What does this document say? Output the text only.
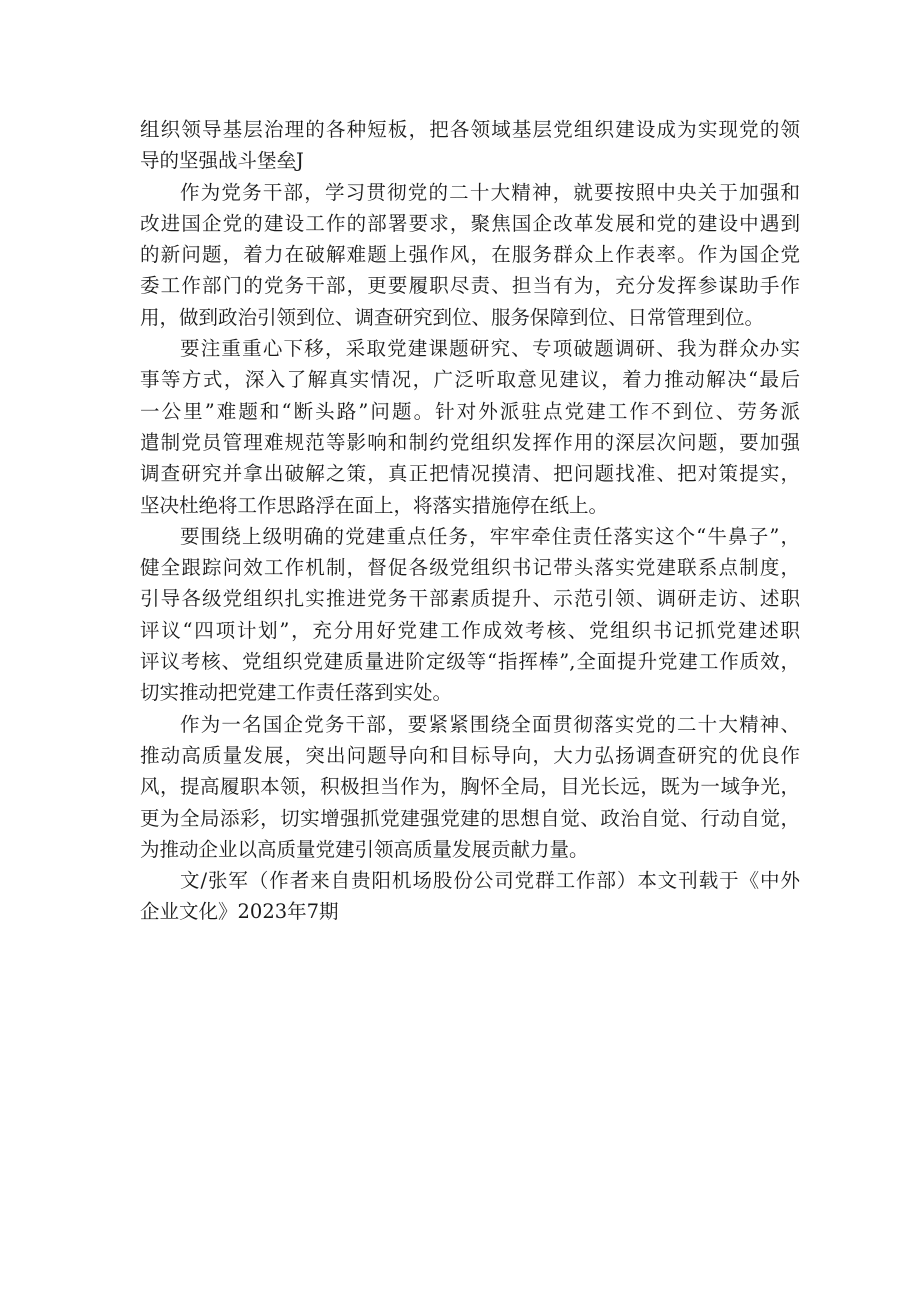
组织领导基层治理的各种短板，把各领域基层党组织建设成为实现党的领
导的坚强战斗堡垒J

作为党务干部，学习贯彻党的二十大精神，就要按照中央关于加强和
改进国企党的建设工作的部署要求，聚焦国企改革发展和党的建设中遇到
的新问题，着力在破解难题上强作风，在服务群众上作表率。作为国企党
委工作部门的党务干部，更要履职尽责、担当有为，充分发挥参谋助手作
用，做到政治引领到位、调查研究到位、服务保障到位、日常管理到位。

要注重重心下移，采取党建课题研究、专项破题调研、我为群众办实
事等方式，深入了解真实情况，广泛听取意见建议，着力推动解决“最后
一公里”难题和“断头路”问题。针对外派驻点党建工作不到位、劳务派
遣制党员管理难规范等影响和制约党组织发挥作用的深层次问题，要加强
调查研究并拿出破解之策，真正把情况摸清、把问题找准、把对策提实，
坚决杜绝将工作思路浮在面上，将落实措施停在纸上。

要围绕上级明确的党建重点任务，牢牢牵住责任落实这个“牛鼻子”，
健全跟踪问效工作机制，督促各级党组织书记带头落实党建联系点制度，
引导各级党组织扎实推进党务干部素质提升、示范引领、调研走访、述职
评议“四项计划”，充分用好党建工作成效考核、党组织书记抓党建述职
评议考核、党组织党建质量进阶定级等“指挥棒”,全面提升党建工作质效，
切实推动把党建工作责任落到实处。

作为一名国企党务干部，要紧紧围绕全面贯彻落实党的二十大精神、
推动高质量发展，突出问题导向和目标导向，大力弘扬调查研究的优良作
风，提高履职本领，积极担当作为，胸怀全局，目光长远，既为一域争光，
更为全局添彩，切实增强抓党建强党建的思想自觉、政治自觉、行动自觉，
为推动企业以高质量党建引领高质量发展贡献力量。

文/张军（作者来自贵阳机场股份公司党群工作部）本文刊载于《中外
企业文化》2023年7期
